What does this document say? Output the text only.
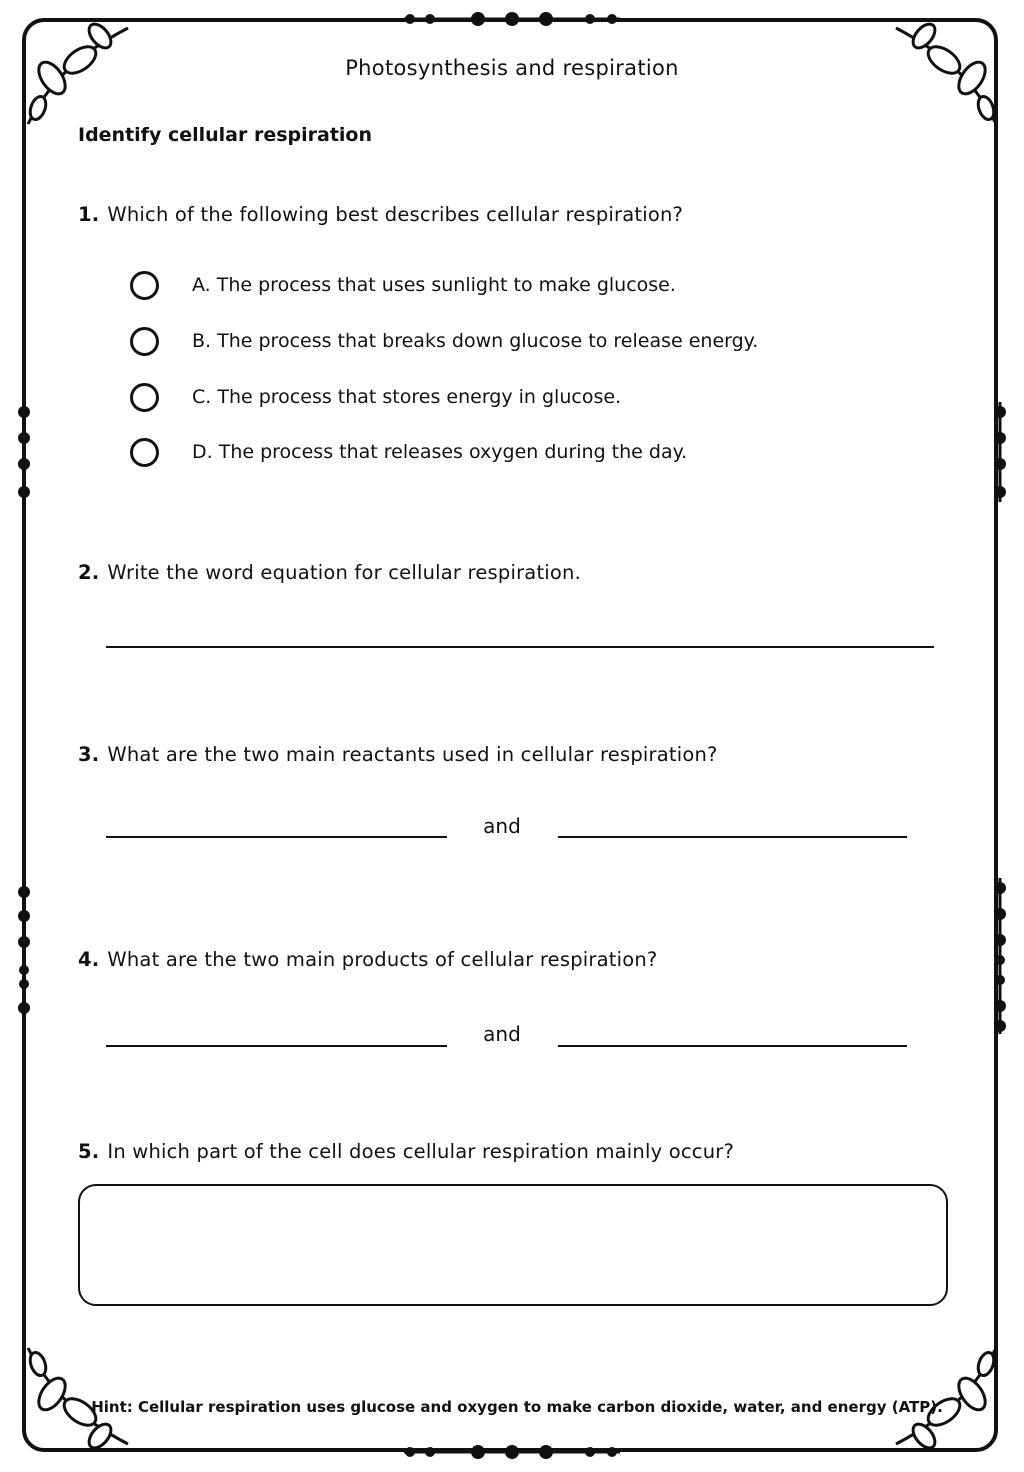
Photosynthesis and respiration
Identify cellular respiration
1. Which of the following best describes cellular respiration?
A. The process that uses sunlight to make glucose.
B. The process that breaks down glucose to release energy.
C. The process that stores energy in glucose.
D. The process that releases oxygen during the day.
2. Write the word equation for cellular respiration.
3. What are the two main reactants used in cellular respiration?
and
4. What are the two main products of cellular respiration?
and
5. In which part of the cell does cellular respiration mainly occur?
Hint: Cellular respiration uses glucose and oxygen to make carbon dioxide, water, and energy (ATP).
